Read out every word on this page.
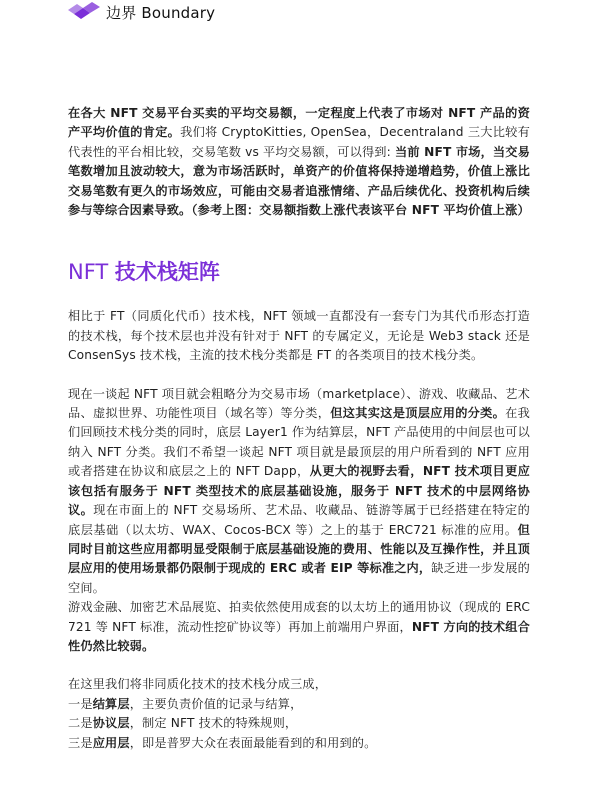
边界 Boundary

在各大 NFT 交易平台买卖的平均交易额，一定程度上代表了市场对 NFT 产品的资产平均价值的肯定。我们将 CryptoKitties, OpenSea，Decentraland 三大比较有代表性的平台相比较，交易笔数 vs 平均交易额，可以得到: 当前 NFT 市场，当交易笔数增加且波动较大，意为市场活跃时，单资产的价值将保持递增趋势，价值上涨比交易笔数有更久的市场效应，可能由交易者追涨情绪、产品后续优化、投资机构后续参与等综合因素导致。（参考上图：交易额指数上涨代表该平台 NFT 平均价值上涨）

NFT 技术栈矩阵

相比于 FT（同质化代币）技术栈，NFT 领域一直都没有一套专门为其代币形态打造的技术栈，每个技术层也并没有针对于 NFT 的专属定义，无论是 Web3 stack 还是 ConsenSys 技术栈，主流的技术栈分类都是 FT 的各类项目的技术栈分类。

现在一谈起 NFT 项目就会粗略分为交易市场（marketplace）、游戏、收藏品、艺术品、虚拟世界、功能性项目（域名等）等分类，但这其实这是顶层应用的分类。在我们回顾技术栈分类的同时，底层 Layer1 作为结算层，NFT 产品使用的中间层也可以纳入 NFT 分类。我们不希望一谈起 NFT 项目就是最顶层的用户所看到的 NFT 应用或者搭建在协议和底层之上的 NFT Dapp，从更大的视野去看，NFT 技术项目更应该包括有服务于 NFT 类型技术的底层基础设施，服务于 NFT 技术的中层网络协议。现在市面上的 NFT 交易场所、艺术品、收藏品、链游等属于已经搭建在特定的底层基础（以太坊、WAX、Cocos-BCX 等）之上的基于 ERC721 标准的应用。但同时目前这些应用都明显受限制于底层基础设施的费用、性能以及互操作性，并且顶层应用的使用场景都仍限制于现成的 ERC 或者 EIP 等标准之内，缺乏进一步发展的空间。

游戏金融、加密艺术品展览、拍卖依然使用成套的以太坊上的通用协议（现成的 ERC721 等 NFT 标准，流动性挖矿协议等）再加上前端用户界面，NFT 方向的技术组合性仍然比较弱。

在这里我们将非同质化技术的技术栈分成三成，
一是结算层，主要负责价值的记录与结算，
二是协议层，制定 NFT 技术的特殊规则，
三是应用层，即是普罗大众在表面最能看到的和用到的。
